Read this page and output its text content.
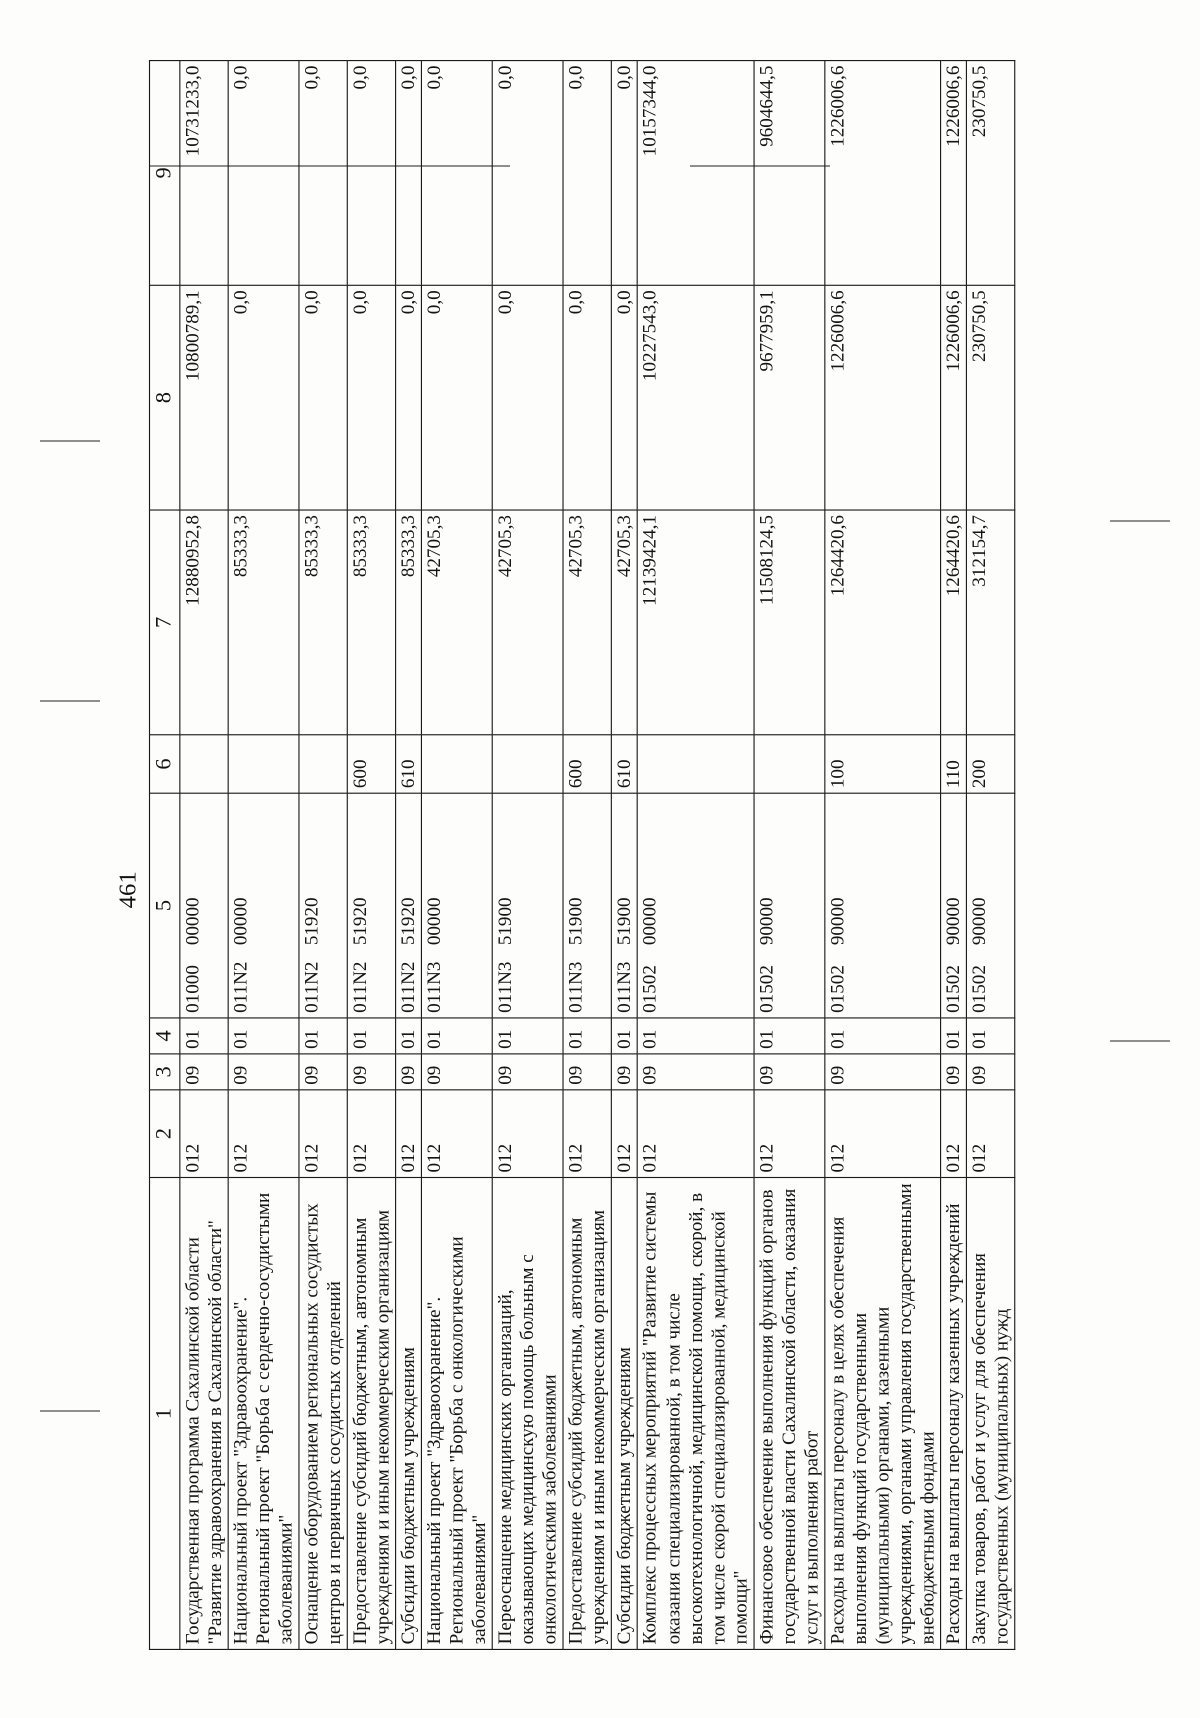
461
1	2	3	4	5	6	7	8	9
Государственная программа Сахалинской области "Развитие здравоохранения в Сахалинской области"	012	09	01	01000 00000		12880952,8	10800789,1	10731233,0
Национальный проект "Здравоохранение". Региональный проект "Борьба с сердечно-сосудистыми заболеваниями"	012	09	01	011N2 00000		85333,3	0,0	0,0
Оснащение оборудованием региональных сосудистых центров и первичных сосудистых отделений	012	09	01	011N2 51920		85333,3	0,0	0,0
Предоставление субсидий бюджетным, автономным учреждениям и иным некоммерческим организациям	012	09	01	011N2 51920	600	85333,3	0,0	0,0
Субсидии бюджетным учреждениям	012	09	01	011N2 51920	610	85333,3	0,0	0,0
Национальный проект "Здравоохранение". Региональный проект "Борьба с онкологическими заболеваниями"	012	09	01	011N3 00000		42705,3	0,0	0,0
Переоснащение медицинских организаций, оказывающих медицинскую помощь больным с онкологическими заболеваниями	012	09	01	011N3 51900		42705,3	0,0	0,0
Предоставление субсидий бюджетным, автономным учреждениям и иным некоммерческим организациям	012	09	01	011N3 51900	600	42705,3	0,0	0,0
Субсидии бюджетным учреждениям	012	09	01	011N3 51900	610	42705,3	0,0	0,0
Комплекс процессных мероприятий "Развитие системы оказания специализированной, в том числе высокотехнологичной, медицинской помощи, скорой, в том числе скорой специализированной, медицинской помощи"	012	09	01	01502 00000		12139424,1	10227543,0	10157344,0
Финансовое обеспечение выполнения функций органов государственной власти Сахалинской области, оказания услуг и выполнения работ	012	09	01	01502 90000		11508124,5	9677959,1	9604644,5
Расходы на выплаты персоналу в целях обеспечения выполнения функций государственными (муниципальными) органами, казенными учреждениями, органами управления государственными внебюджетными фондами	012	09	01	01502 90000	100	1264420,6	1226006,6	1226006,6
Расходы на выплаты персоналу казенных учреждений	012	09	01	01502 90000	110	1264420,6	1226006,6	1226006,6
Закупка товаров, работ и услуг для обеспечения государственных (муниципальных) нужд	012	09	01	01502 90000	200	312154,7	230750,5	230750,5
